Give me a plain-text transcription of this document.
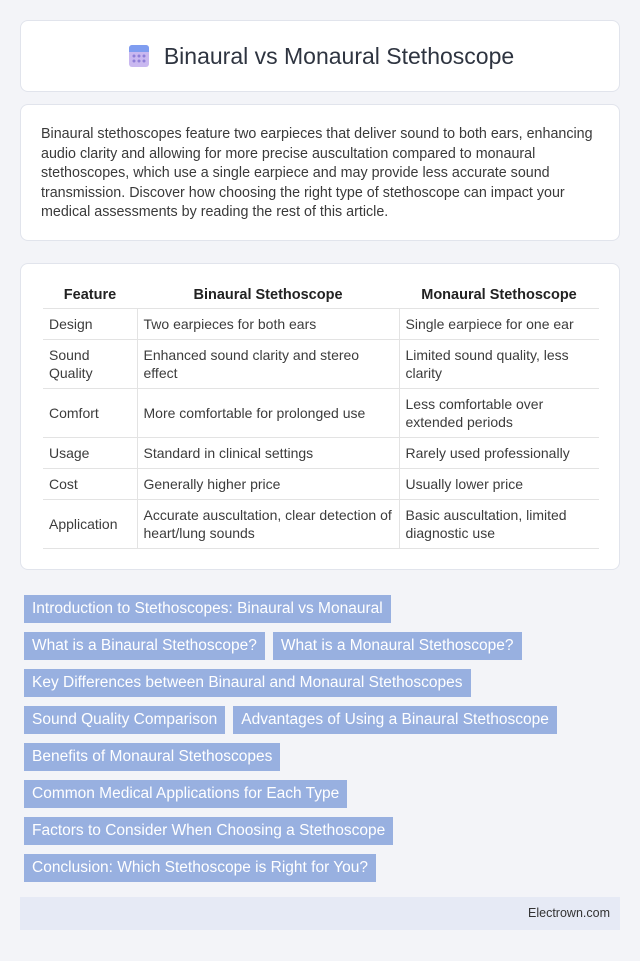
Binaural vs Monaural Stethoscope

Binaural stethoscopes feature two earpieces that deliver sound to both ears, enhancing audio clarity and allowing for more precise auscultation compared to monaural stethoscopes, which use a single earpiece and may provide less accurate sound transmission. Discover how choosing the right type of stethoscope can impact your medical assessments by reading the rest of this article.

Feature	Binaural Stethoscope	Monaural Stethoscope
Design	Two earpieces for both ears	Single earpiece for one ear
Sound Quality	Enhanced sound clarity and stereo effect	Limited sound quality, less clarity
Comfort	More comfortable for prolonged use	Less comfortable over extended periods
Usage	Standard in clinical settings	Rarely used professionally
Cost	Generally higher price	Usually lower price
Application	Accurate auscultation, clear detection of heart/lung sounds	Basic auscultation, limited diagnostic use
Introduction to Stethoscopes: Binaural vs Monaural
What is a Binaural Stethoscope?	What is a Monaural Stethoscope?
Key Differences between Binaural and Monaural Stethoscopes
Sound Quality Comparison	Advantages of Using a Binaural Stethoscope
Benefits of Monaural Stethoscopes
Common Medical Applications for Each Type
Factors to Consider When Choosing a Stethoscope
Conclusion: Which Stethoscope is Right for You?
Electrown.com
